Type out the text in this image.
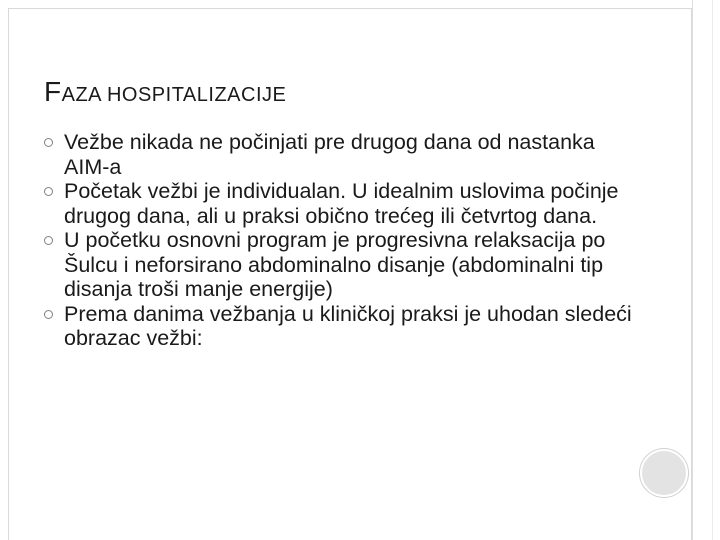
FAZA HOSPITALIZACIJE
Vežbe nikada ne počinjati pre drugog dana od nastanka AIM-a
Početak vežbi je individualan. U idealnim uslovima počinje drugog dana, ali u praksi obično trećeg ili četvrtog dana.
U početku osnovni program je progresivna relaksacija po Šulcu i neforsirano abdominalno disanje (abdominalni tip disanja troši manje energije)
Prema danima vežbanja u kliničkoj praksi je uhodan sledeći obrazac vežbi:
